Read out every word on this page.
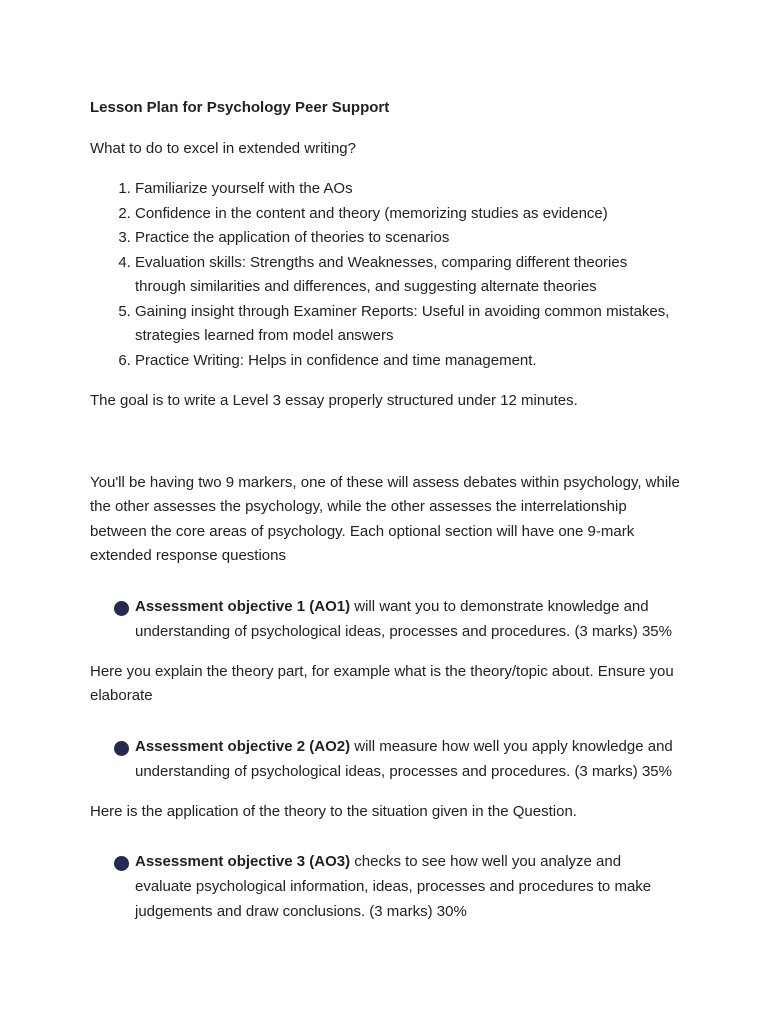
Lesson Plan for Psychology Peer Support

What to do to excel in extended writing?

1. Familiarize yourself with the AOs
2. Confidence in the content and theory (memorizing studies as evidence)
3. Practice the application of theories to scenarios
4. Evaluation skills: Strengths and Weaknesses, comparing different theories through similarities and differences, and suggesting alternate theories
5. Gaining insight through Examiner Reports: Useful in avoiding common mistakes, strategies learned from model answers
6. Practice Writing: Helps in confidence and time management.

The goal is to write a Level 3 essay properly structured under 12 minutes.

You'll be having two 9 markers, one of these will assess debates within psychology, while the other assesses the psychology, while the other assesses the interrelationship between the core areas of psychology. Each optional section will have one 9-mark extended response questions

Assessment objective 1 (AO1) will want you to demonstrate knowledge and understanding of psychological ideas, processes and procedures. (3 marks) 35%

Here you explain the theory part, for example what is the theory/topic about. Ensure you elaborate

Assessment objective 2 (AO2) will measure how well you apply knowledge and understanding of psychological ideas, processes and procedures. (3 marks) 35%

Here is the application of the theory to the situation given in the Question.

Assessment objective 3 (AO3) checks to see how well you analyze and evaluate psychological information, ideas, processes and procedures to make judgements and draw conclusions. (3 marks) 30%
